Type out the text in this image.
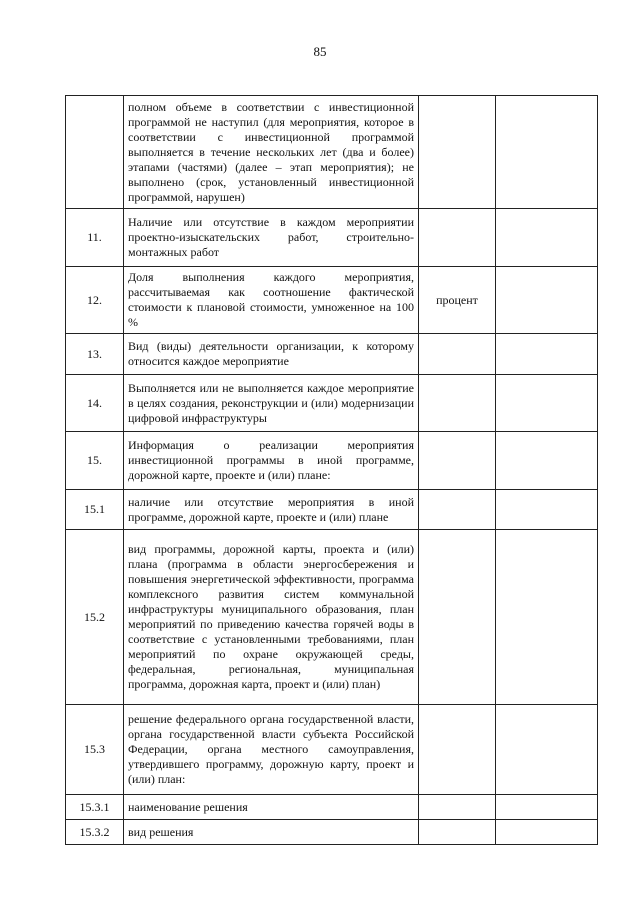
85
	полном объеме в соответствии с инвестиционной программой не наступил (для мероприятия, которое в соответствии с инвестиционной программой выполняется в течение нескольких лет (два и более) этапами (частями) (далее – этап мероприятия); не выполнено (срок, установленный инвестиционной программой, нарушен)		
11.	Наличие или отсутствие в каждом мероприятии проектно-изыскательских работ, строительно-монтажных работ		
12.	Доля выполнения каждого мероприятия, рассчитываемая как соотношение фактической стоимости к плановой стоимости, умноженное на 100 %	процент	
13.	Вид (виды) деятельности организации, к которому относится каждое мероприятие		
14.	Выполняется или не выполняется каждое мероприятие в целях создания, реконструкции и (или) модернизации цифровой инфраструктуры		
15.	Информация о реализации мероприятия инвестиционной программы в иной программе, дорожной карте, проекте и (или) плане:		
15.1	наличие или отсутствие мероприятия в иной программе, дорожной карте, проекте и (или) плане		
15.2	вид программы, дорожной карты, проекта и (или) плана (программа в области энергосбережения и повышения энергетической эффективности, программа комплексного развития систем коммунальной инфраструктуры муниципального образования, план мероприятий по приведению качества горячей воды в соответствие с установленными требованиями, план мероприятий по охране окружающей среды, федеральная, региональная, муниципальная программа, дорожная карта, проект и (или) план)		
15.3	решение федерального органа государственной власти, органа государственной власти субъекта Российской Федерации, органа местного самоуправления, утвердившего программу, дорожную карту, проект и (или) план:		
15.3.1	наименование решения		
15.3.2	вид решения		
